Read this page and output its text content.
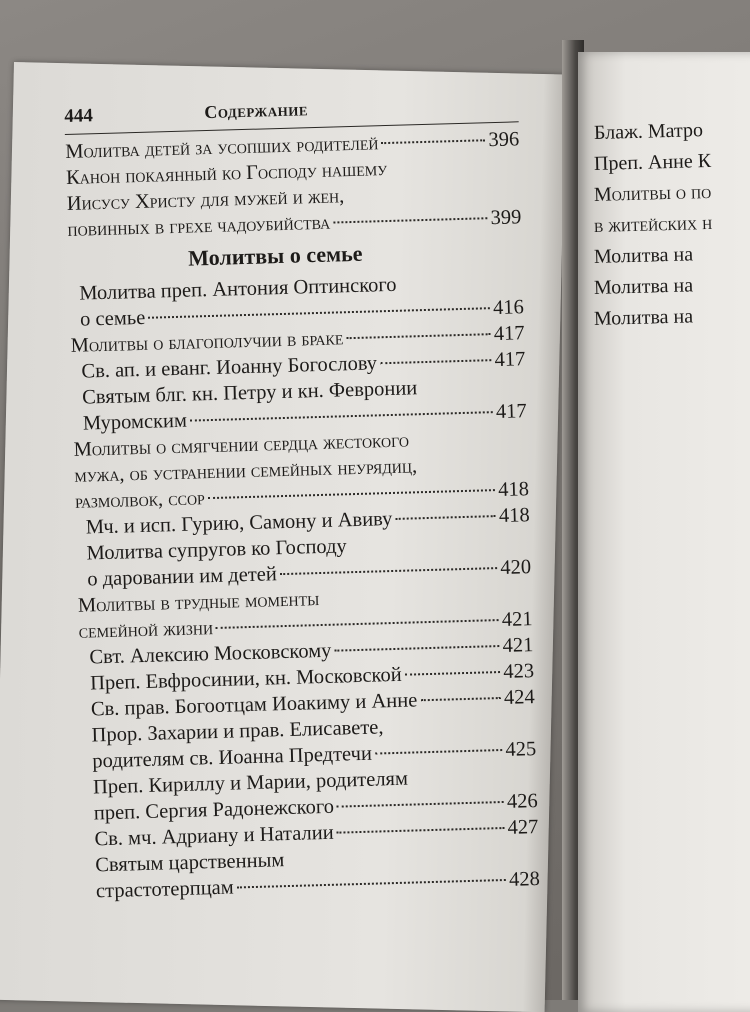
Блаж. Матро
Преп. Анне К
Молитвы о по
в житейских н
Молитва на
Молитва на
Молитва на
444	Содержание
Молитва детей за усопших родителей	396
Канон покаянный ко Господу нашему
Иисусу Христу для мужей и жен,
повинных в грехе чадоубийства	399
Молитвы о семье
Молитва преп. Антония Оптинского
о семье	416
Молитвы о благополучии в браке	417
Св. ап. и еванг. Иоанну Богослову	417
Святым блг. кн. Петру и кн. Февронии
Муромским	417
Молитвы о смягчении сердца жестокого
мужа, об устранении семейных неурядиц,
размолвок, ссор	418
Мч. и исп. Гурию, Самону и Авиву	418
Молитва супругов ко Господу
о даровании им детей	420
Молитвы в трудные моменты
семейной жизни	421
Свт. Алексию Московскому	421
Преп. Евфросинии, кн. Московской	423
Св. прав. Богоотцам Иоакиму и Анне	424
Прор. Захарии и прав. Елисавете,
родителям св. Иоанна Предтечи	425
Преп. Кириллу и Марии, родителям
преп. Сергия Радонежского	426
Св. мч. Адриану и Наталии	427
Святым царственным
страстотерпцам	428
